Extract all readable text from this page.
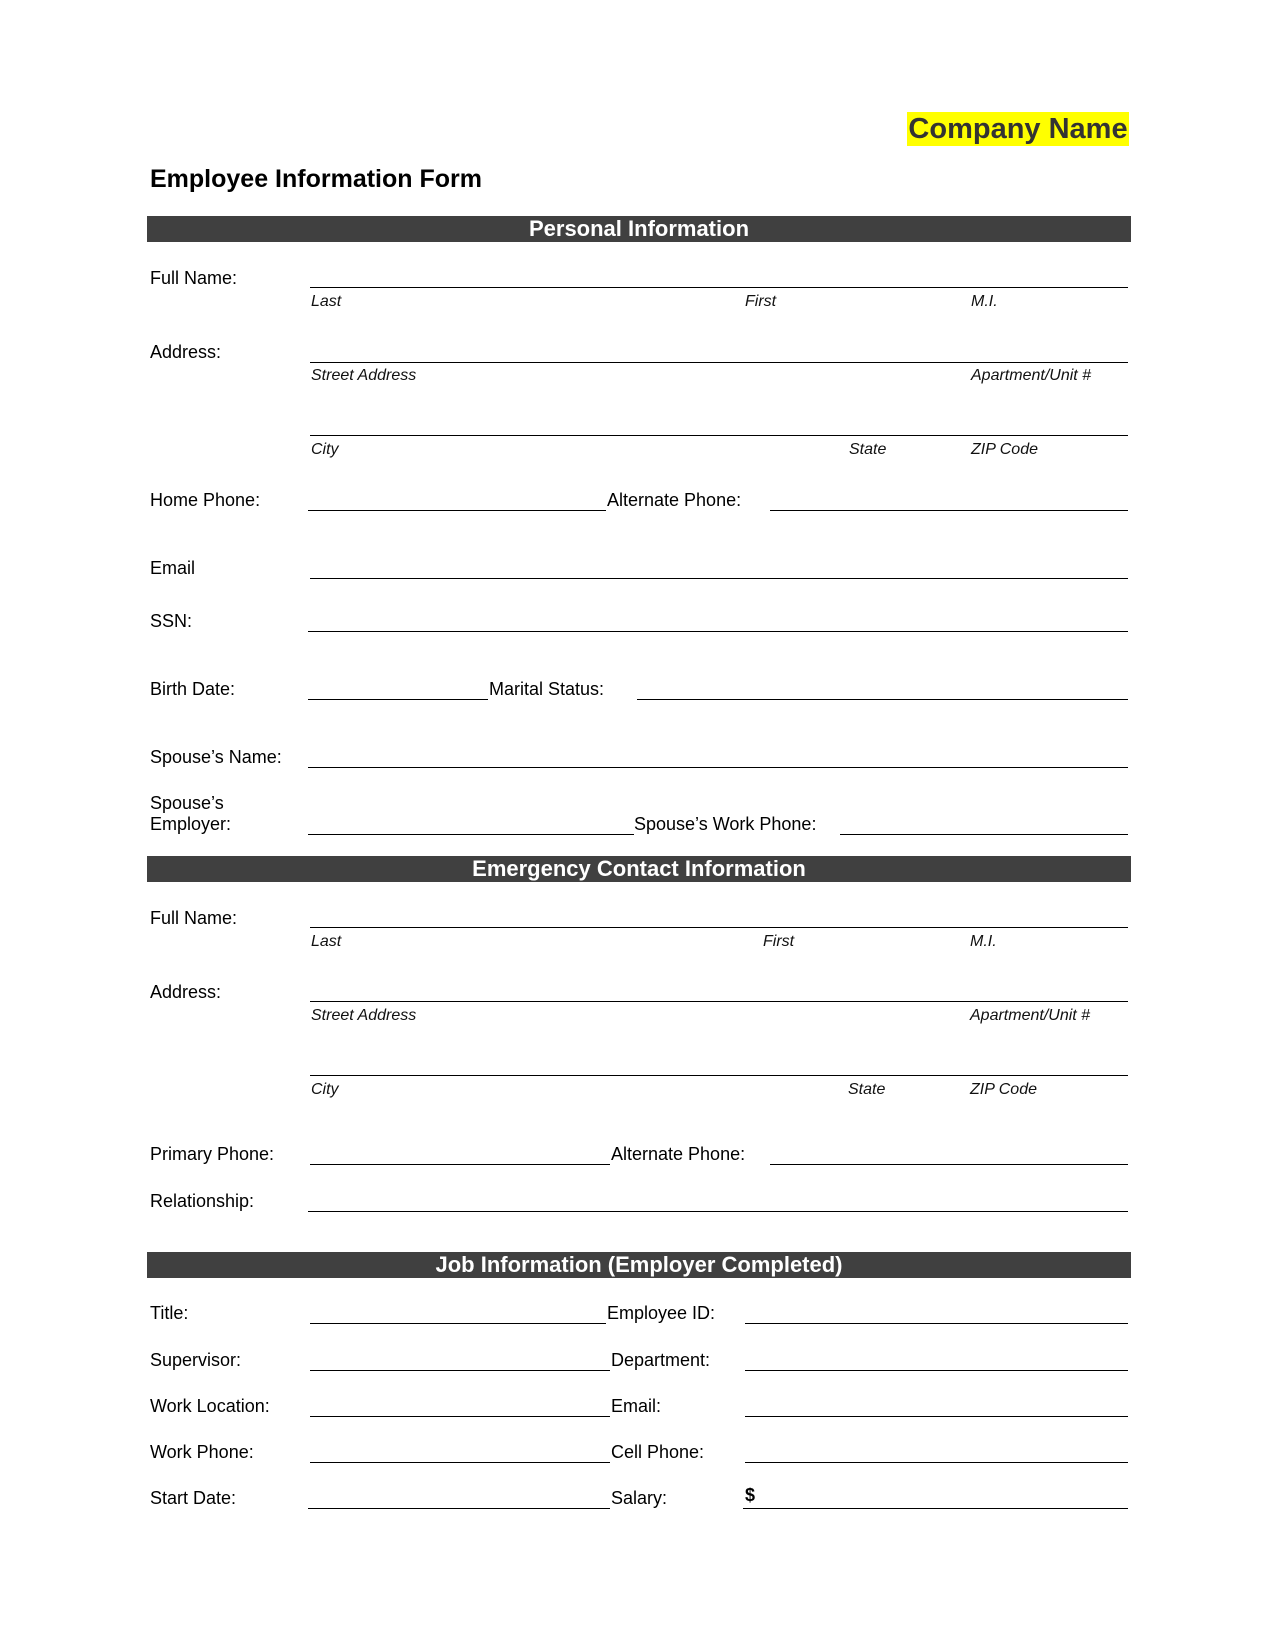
Company Name
Employee Information Form
Personal Information
Full Name:
Last	First	M.I.
Address:
Street Address	Apartment/Unit #
City	State	ZIP Code
Home Phone:	Alternate Phone:
Email
SSN:
Birth Date:	Marital Status:
Spouse’s Name:
Spouse’s
Employer:	Spouse’s Work Phone:
Emergency Contact Information
Full Name:
Last	First	M.I.
Address:
Street Address	Apartment/Unit #
City	State	ZIP Code
Primary Phone:	Alternate Phone:
Relationship:
Job Information (Employer Completed)
Title:	Employee ID:
Supervisor:	Department:
Work Location:	Email:
Work Phone:	Cell Phone:
Start Date:	Salary:	$
